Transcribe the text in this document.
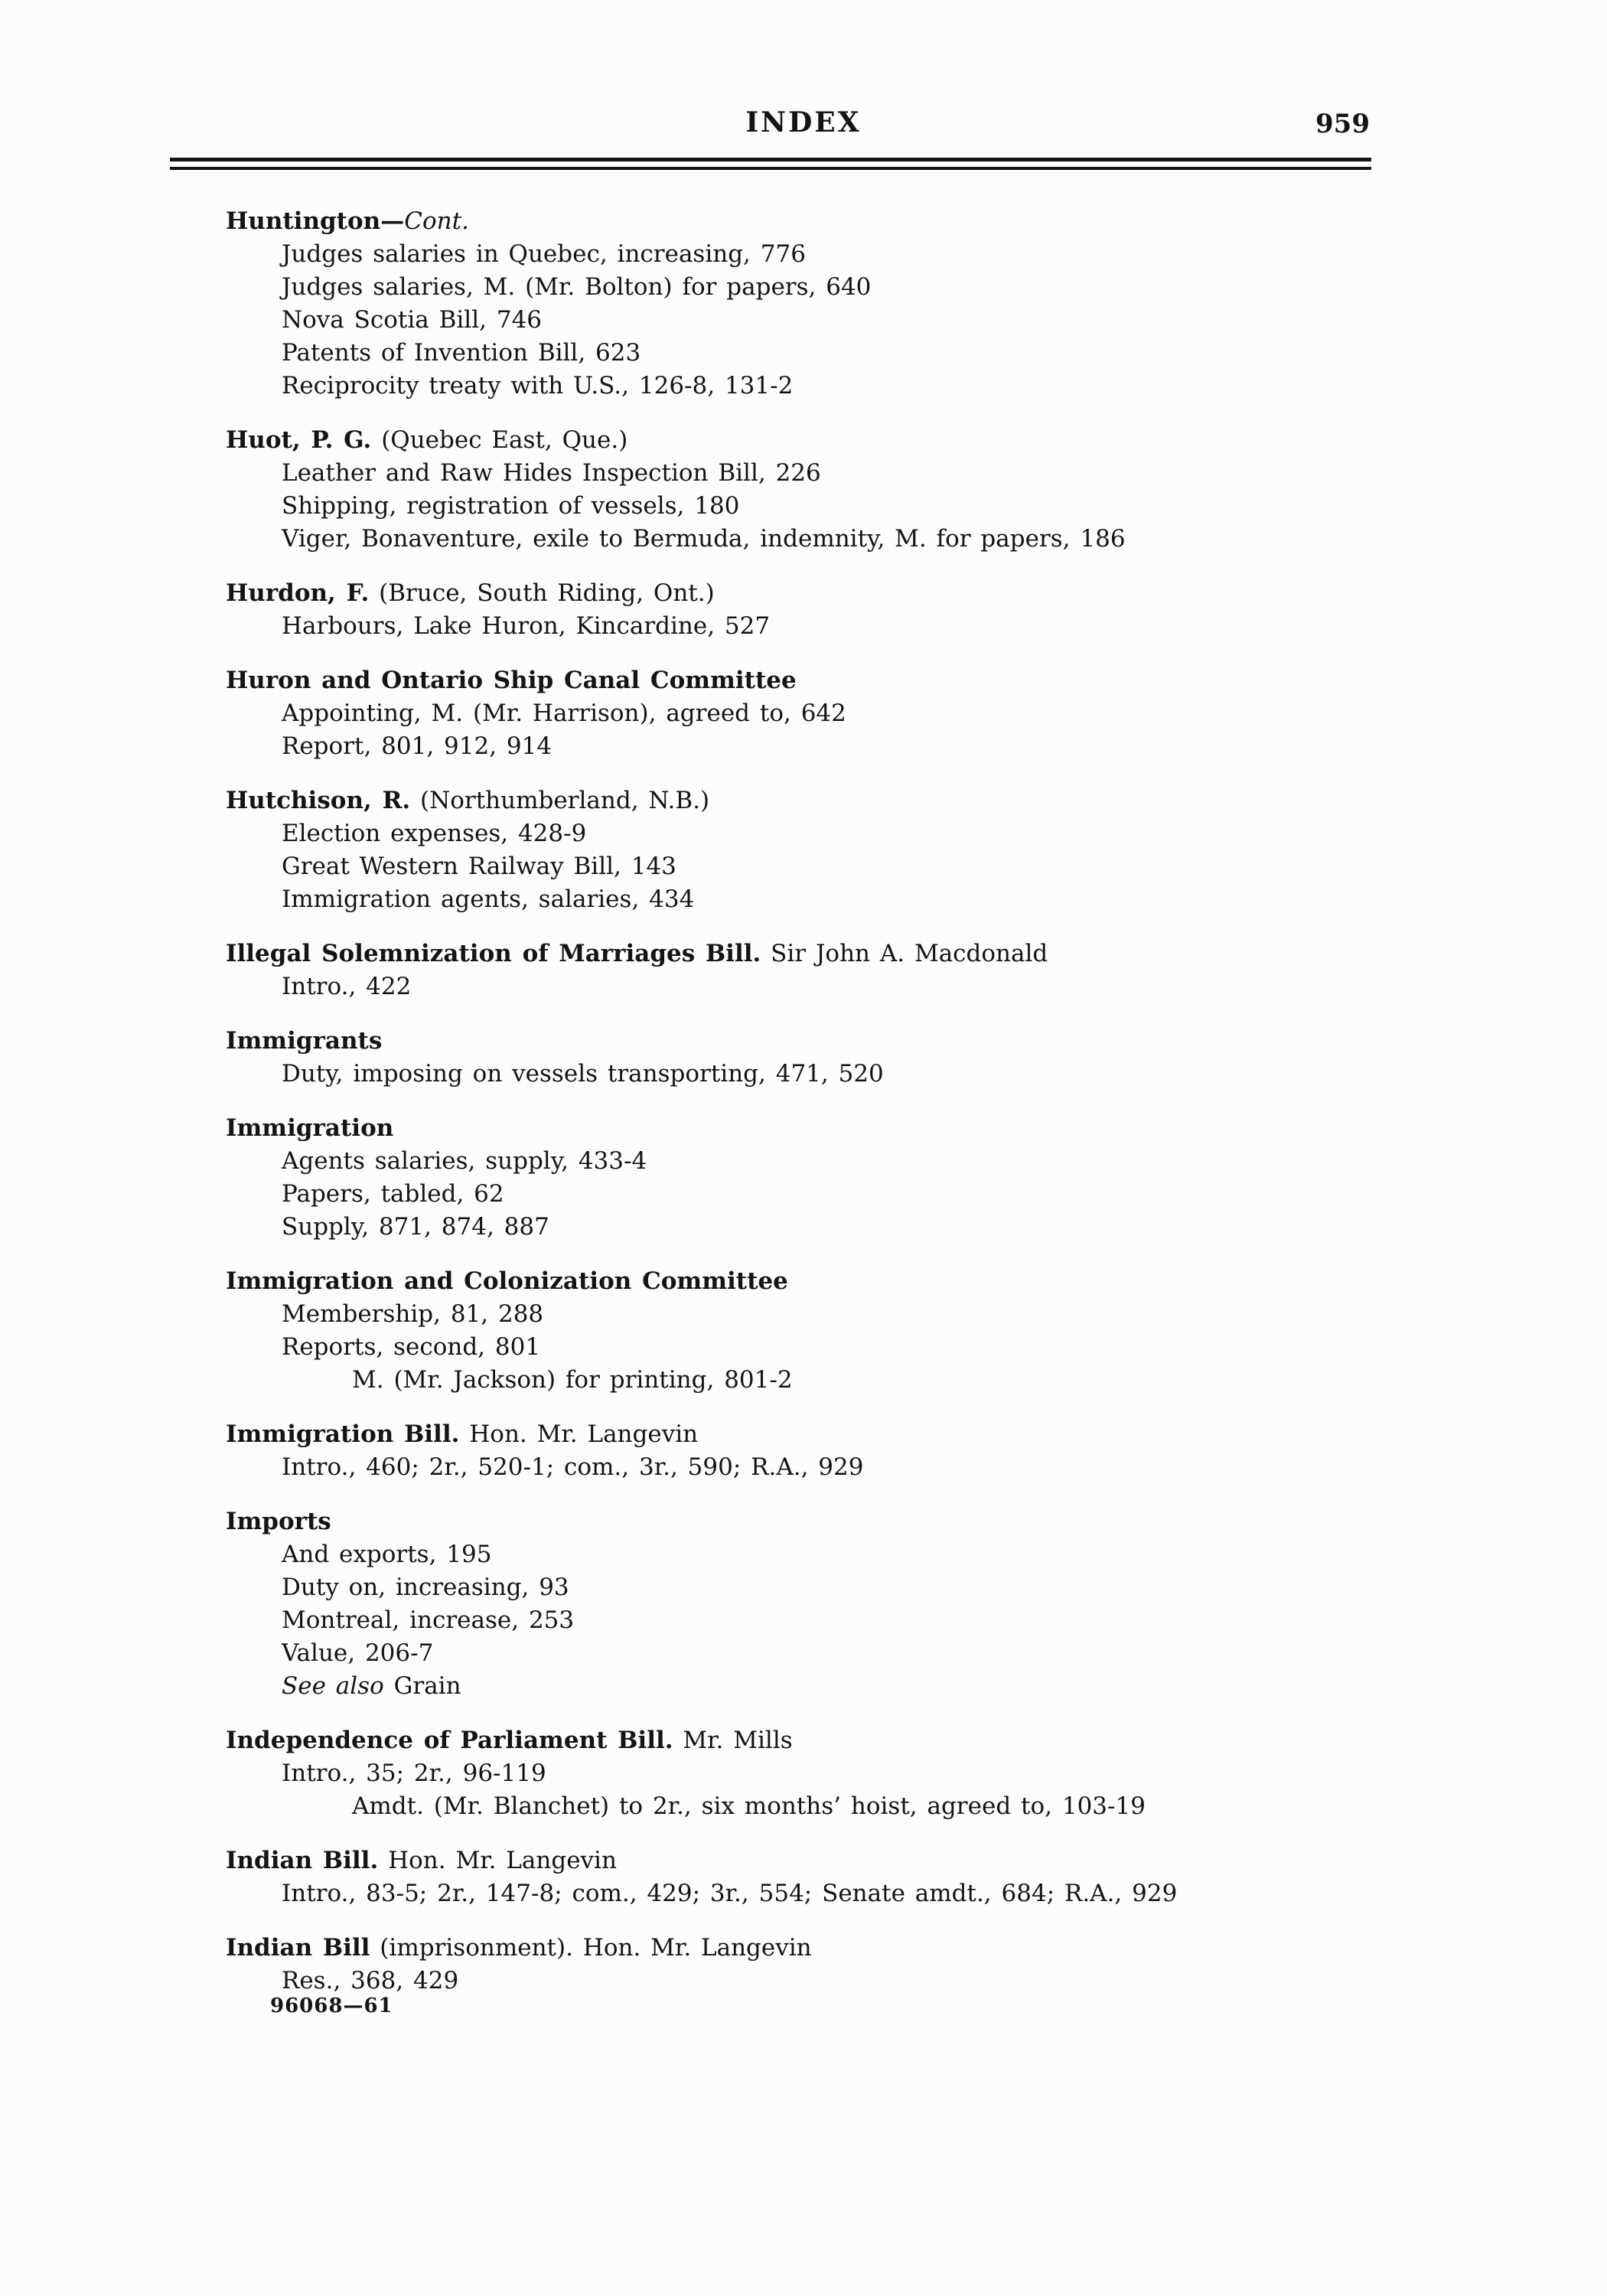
INDEX	959
Huntington—Cont.
Judges salaries in Quebec, increasing, 776
Judges salaries, M. (Mr. Bolton) for papers, 640
Nova Scotia Bill, 746
Patents of Invention Bill, 623
Reciprocity treaty with U.S., 126-8, 131-2
Huot, P. G. (Quebec East, Que.)
Leather and Raw Hides Inspection Bill, 226
Shipping, registration of vessels, 180
Viger, Bonaventure, exile to Bermuda, indemnity, M. for papers, 186
Hurdon, F. (Bruce, South Riding, Ont.)
Harbours, Lake Huron, Kincardine, 527
Huron and Ontario Ship Canal Committee
Appointing, M. (Mr. Harrison), agreed to, 642
Report, 801, 912, 914
Hutchison, R. (Northumberland, N.B.)
Election expenses, 428-9
Great Western Railway Bill, 143
Immigration agents, salaries, 434
Illegal Solemnization of Marriages Bill. Sir John A. Macdonald
Intro., 422
Immigrants
Duty, imposing on vessels transporting, 471, 520
Immigration
Agents salaries, supply, 433-4
Papers, tabled, 62
Supply, 871, 874, 887
Immigration and Colonization Committee
Membership, 81, 288
Reports, second, 801
M. (Mr. Jackson) for printing, 801-2
Immigration Bill. Hon. Mr. Langevin
Intro., 460; 2r., 520-1; com., 3r., 590; R.A., 929
Imports
And exports, 195
Duty on, increasing, 93
Montreal, increase, 253
Value, 206-7
See also Grain
Independence of Parliament Bill. Mr. Mills
Intro., 35; 2r., 96-119
Amdt. (Mr. Blanchet) to 2r., six months’ hoist, agreed to, 103-19
Indian Bill. Hon. Mr. Langevin
Intro., 83-5; 2r., 147-8; com., 429; 3r., 554; Senate amdt., 684; R.A., 929
Indian Bill (imprisonment). Hon. Mr. Langevin
Res., 368, 429
96068—61
